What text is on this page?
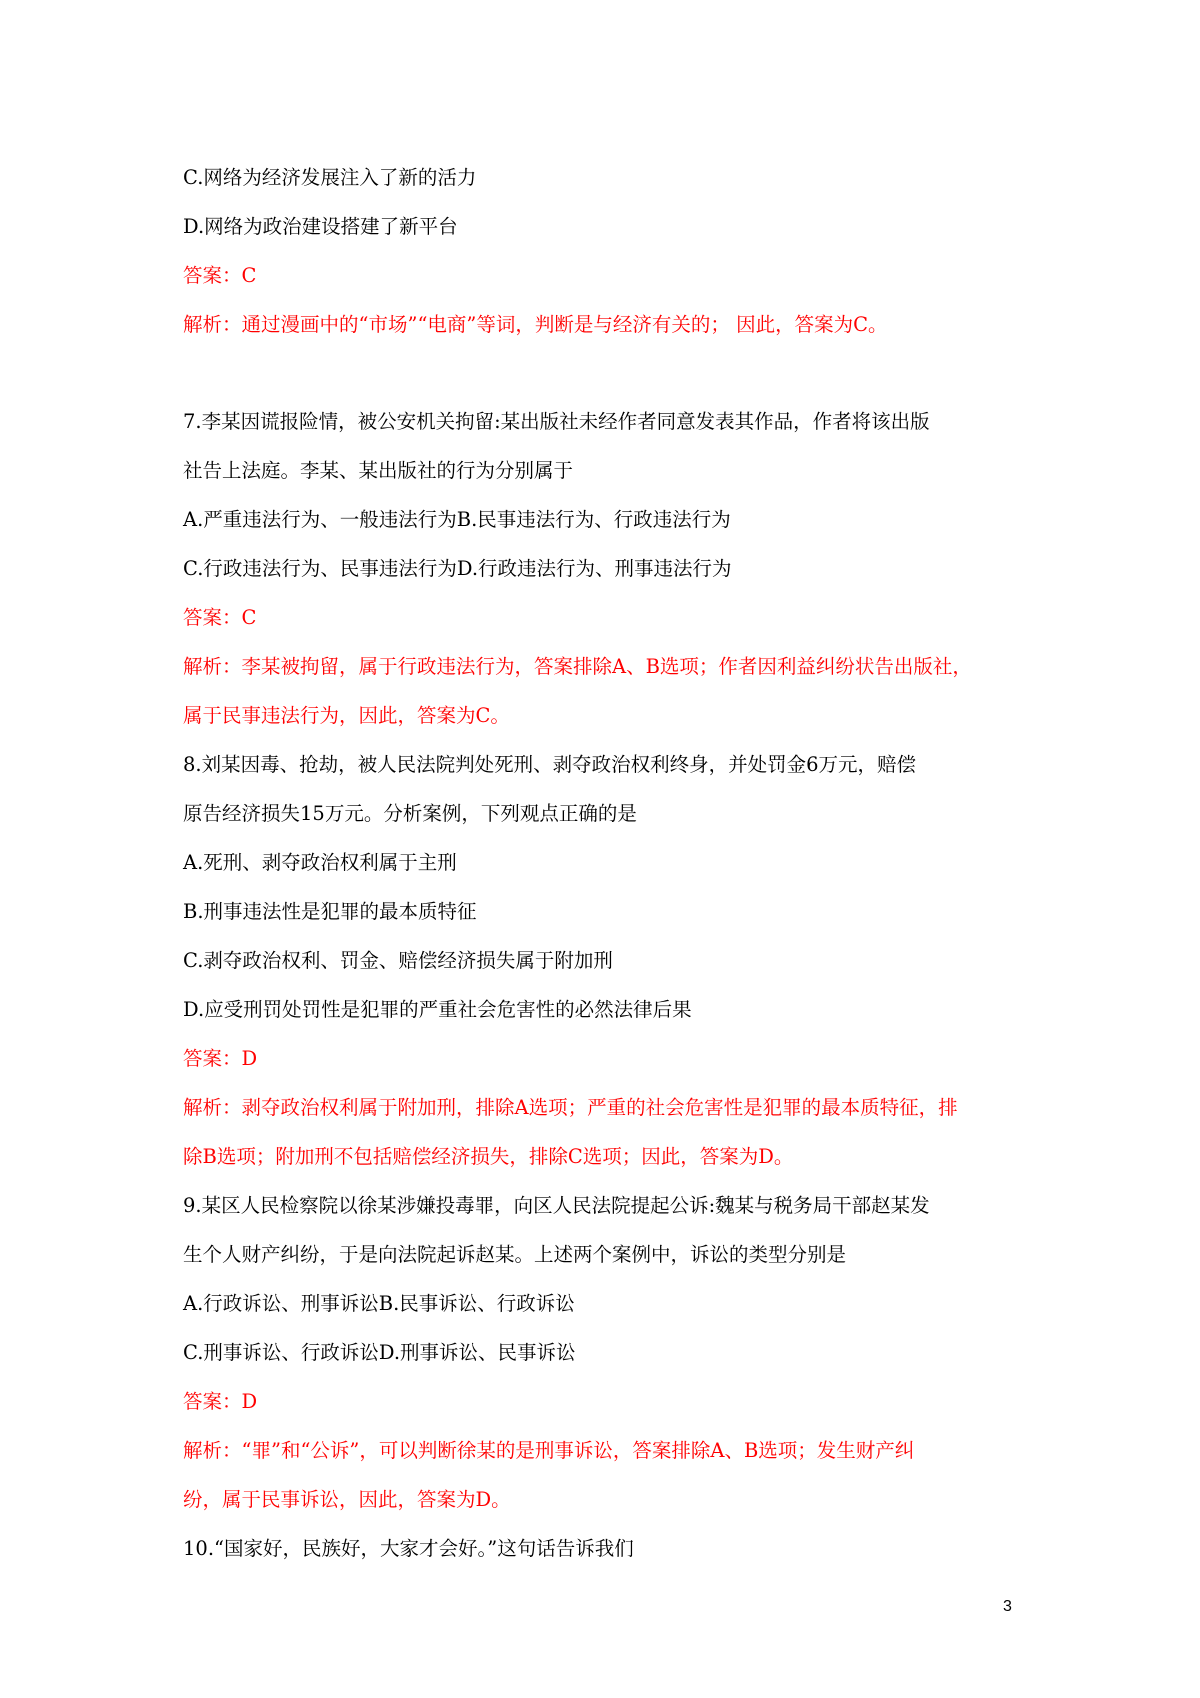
C.网络为经济发展注入了新的活力

D.网络为政治建设搭建了新平台

答案：C

解析：通过漫画中的“市场”“电商”等词，判断是与经济有关的； 因此，答案为C。

7.李某因谎报险情，被公安机关拘留:某出版社未经作者同意发表其作品，作者将该出版

社告上法庭。李某、某出版社的行为分别属于

A.严重违法行为、一般违法行为B.民事违法行为、行政违法行为

C.行政违法行为、民事违法行为D.行政违法行为、刑事违法行为

答案：C

解析：李某被拘留，属于行政违法行为，答案排除A、B选项；作者因利益纠纷状告出版社，

属于民事违法行为，因此，答案为C。

8.刘某因毒、抢劫，被人民法院判处死刑、剥夺政治权利终身，并处罚金6万元，赔偿

原告经济损失15万元。分析案例，下列观点正确的是

A.死刑、剥夺政治权利属于主刑

B.刑事违法性是犯罪的最本质特征

C.剥夺政治权利、罚金、赔偿经济损失属于附加刑

D.应受刑罚处罚性是犯罪的严重社会危害性的必然法律后果

答案：D

解析：剥夺政治权利属于附加刑，排除A选项；严重的社会危害性是犯罪的最本质特征，排

除B选项；附加刑不包括赔偿经济损失，排除C选项；因此，答案为D。

9.某区人民检察院以徐某涉嫌投毒罪，向区人民法院提起公诉:魏某与税务局干部赵某发

生个人财产纠纷，于是向法院起诉赵某。上述两个案例中，诉讼的类型分别是

A.行政诉讼、刑事诉讼B.民事诉讼、行政诉讼

C.刑事诉讼、行政诉讼D.刑事诉讼、民事诉讼

答案：D

解析：“罪”和“公诉”，可以判断徐某的是刑事诉讼，答案排除A、B选项；发生财产纠

纷，属于民事诉讼，因此，答案为D。

10.“国家好，民族好，大家才会好。”这句话告诉我们

3
